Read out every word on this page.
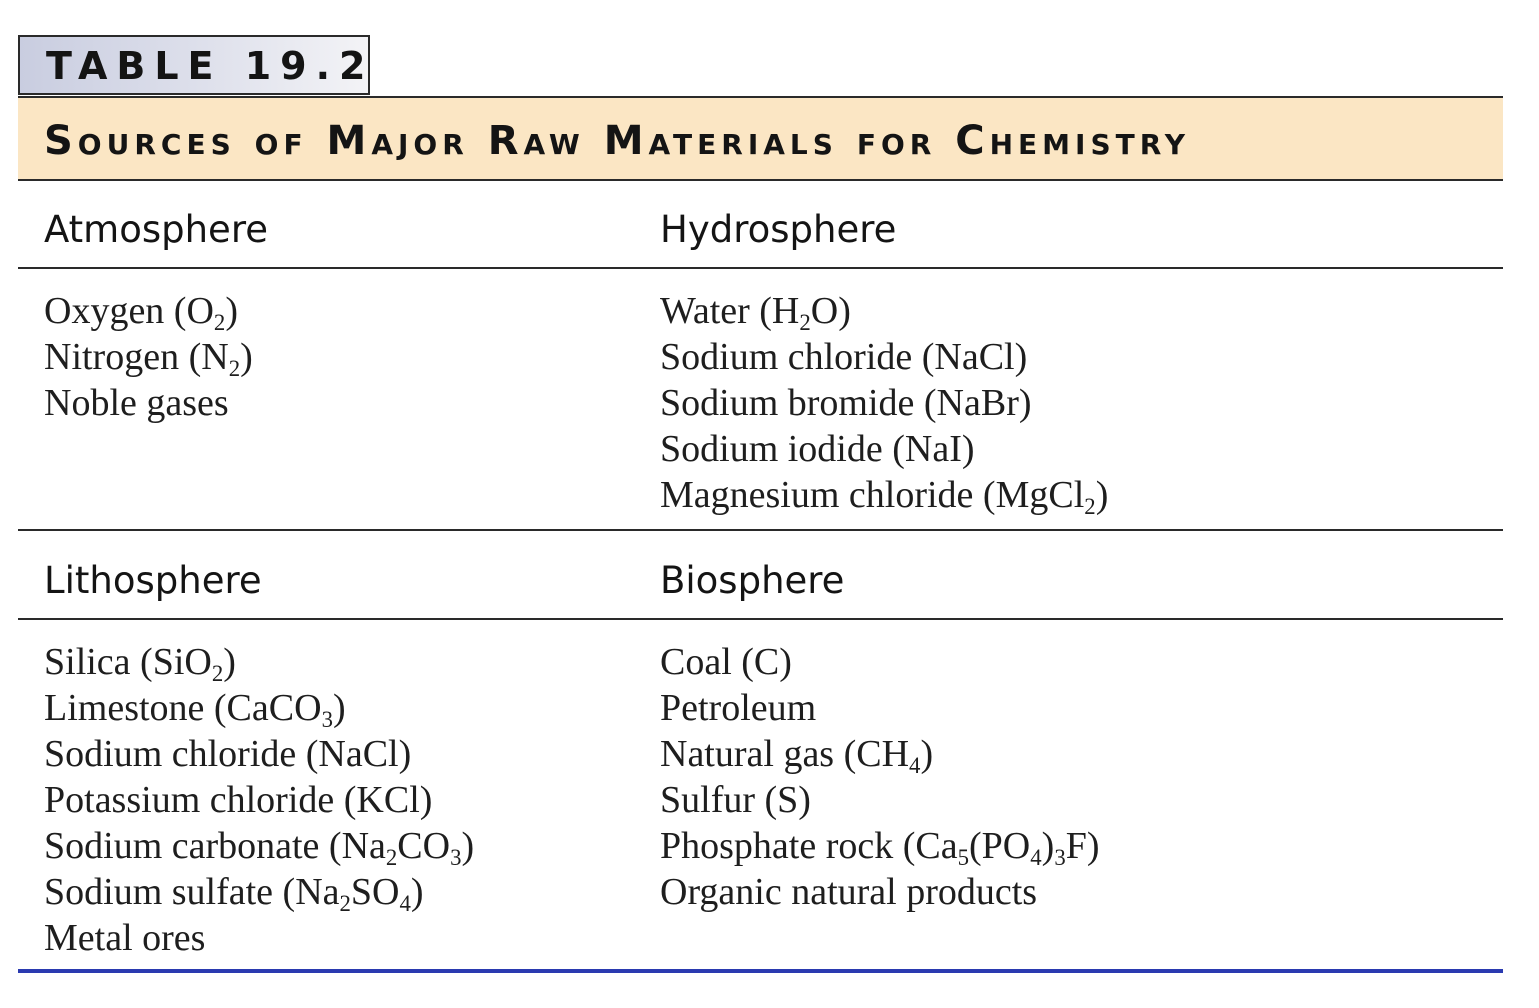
TABLE 19.2
Sources of Major Raw Materials for Chemistry
Atmosphere	Hydrosphere
Oxygen $(O_2)$
Nitrogen $(N_2)$
Noble gases
Water $(H_2O)$
Sodium chloride (NaCl)
Sodium bromide (NaBr)
Sodium iodide (NaI)
Magnesium chloride (MgCl$_2$)
Lithosphere	Biosphere
Silica (SiO$_2$)
Limestone (CaCO$_3$)
Sodium chloride (NaCl)
Potassium chloride (KCl)
Sodium carbonate $(Na_2CO_3)$
Sodium sulfate $(Na_2SO_4)$
Metal ores
Coal (C)
Petroleum
Natural gas $(CH_4)$
Sulfur (S)
Phosphate rock $(Ca_5(PO_4)_3F)$
Organic natural products
